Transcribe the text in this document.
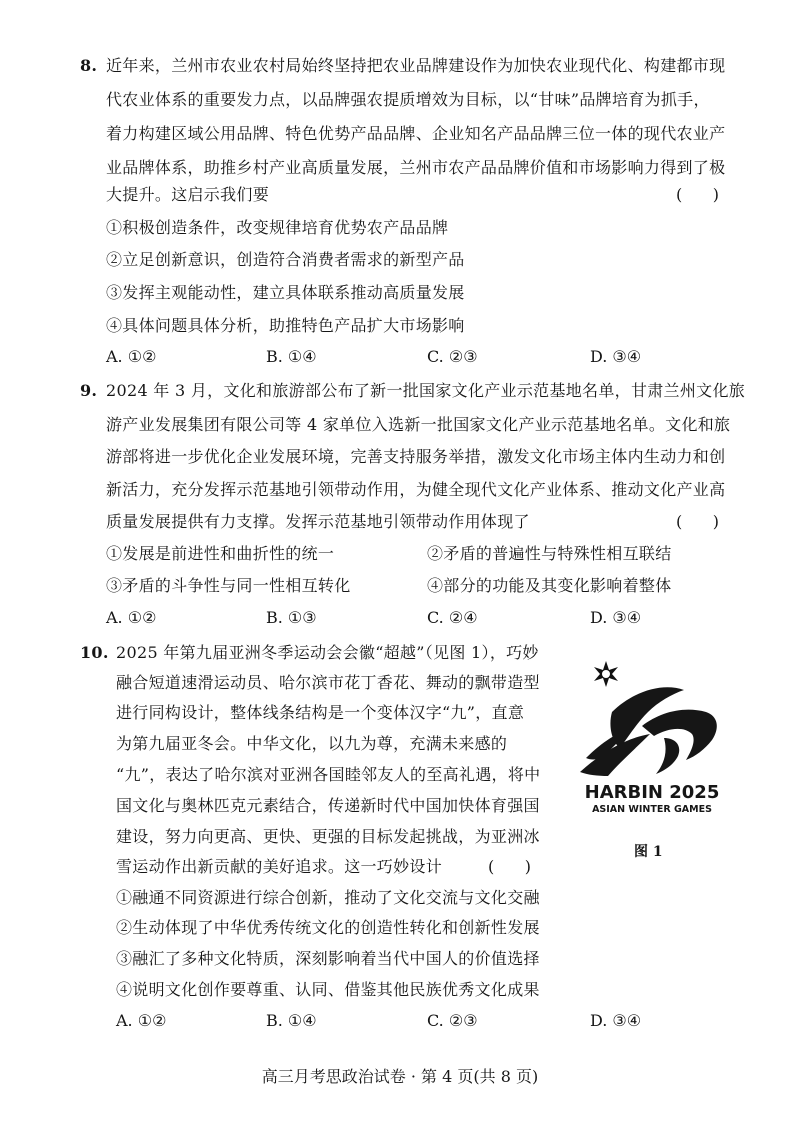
8. 近年来，兰州市农业农村局始终坚持把农业品牌建设作为加快农业现代化、构建都市现
代农业体系的重要发力点，以品牌强农提质增效为目标，以“甘味”品牌培育为抓手，
着力构建区域公用品牌、特色优势产品品牌、企业知名产品品牌三位一体的现代农业产
业品牌体系，助推乡村产业高质量发展，兰州市农产品品牌价值和市场影响力得到了极
大提升。这启示我们要	(      )
①积极创造条件，改变规律培育优势农产品品牌
②立足创新意识，创造符合消费者需求的新型产品
③发挥主观能动性，建立具体联系推动高质量发展
④具体问题具体分析，助推特色产品扩大市场影响
A. ①②	B. ①④	C. ②③	D. ③④
9. 2024 年 3 月，文化和旅游部公布了新一批国家文化产业示范基地名单，甘肃兰州文化旅
游产业发展集团有限公司等 4 家单位入选新一批国家文化产业示范基地名单。文化和旅
游部将进一步优化企业发展环境，完善支持服务举措，激发文化市场主体内生动力和创
新活力，充分发挥示范基地引领带动作用，为健全现代文化产业体系、推动文化产业高
质量发展提供有力支撑。发挥示范基地引领带动作用体现了	(      )
①发展是前进性和曲折性的统一	②矛盾的普遍性与特殊性相互联结
③矛盾的斗争性与同一性相互转化	④部分的功能及其变化影响着整体
A. ①②	B. ①③	C. ②④	D. ③④
10. 2025 年第九届亚洲冬季运动会会徽“超越”（见图 1），巧妙
融合短道速滑运动员、哈尔滨市花丁香花、舞动的飘带造型
进行同构设计，整体线条结构是一个变体汉字“九”，直意
为第九届亚冬会。中华文化，以九为尊，充满未来感的
“九”，表达了哈尔滨对亚洲各国睦邻友人的至高礼遇，将中
国文化与奥林匹克元素结合，传递新时代中国加快体育强国
建设，努力向更高、更快、更强的目标发起挑战，为亚洲冰
雪运动作出新贡献的美好追求。这一巧妙设计	(      )
①融通不同资源进行综合创新，推动了文化交流与文化交融
②生动体现了中华优秀传统文化的创造性转化和创新性发展
③融汇了多种文化特质，深刻影响着当代中国人的价值选择
④说明文化创作要尊重、认同、借鉴其他民族优秀文化成果
A. ①②	B. ①④	C. ②③	D. ③④
HARBIN 2025
ASIAN WINTER GAMES
图 1
高三月考思政治试卷 · 第 4 页(共 8 页)
